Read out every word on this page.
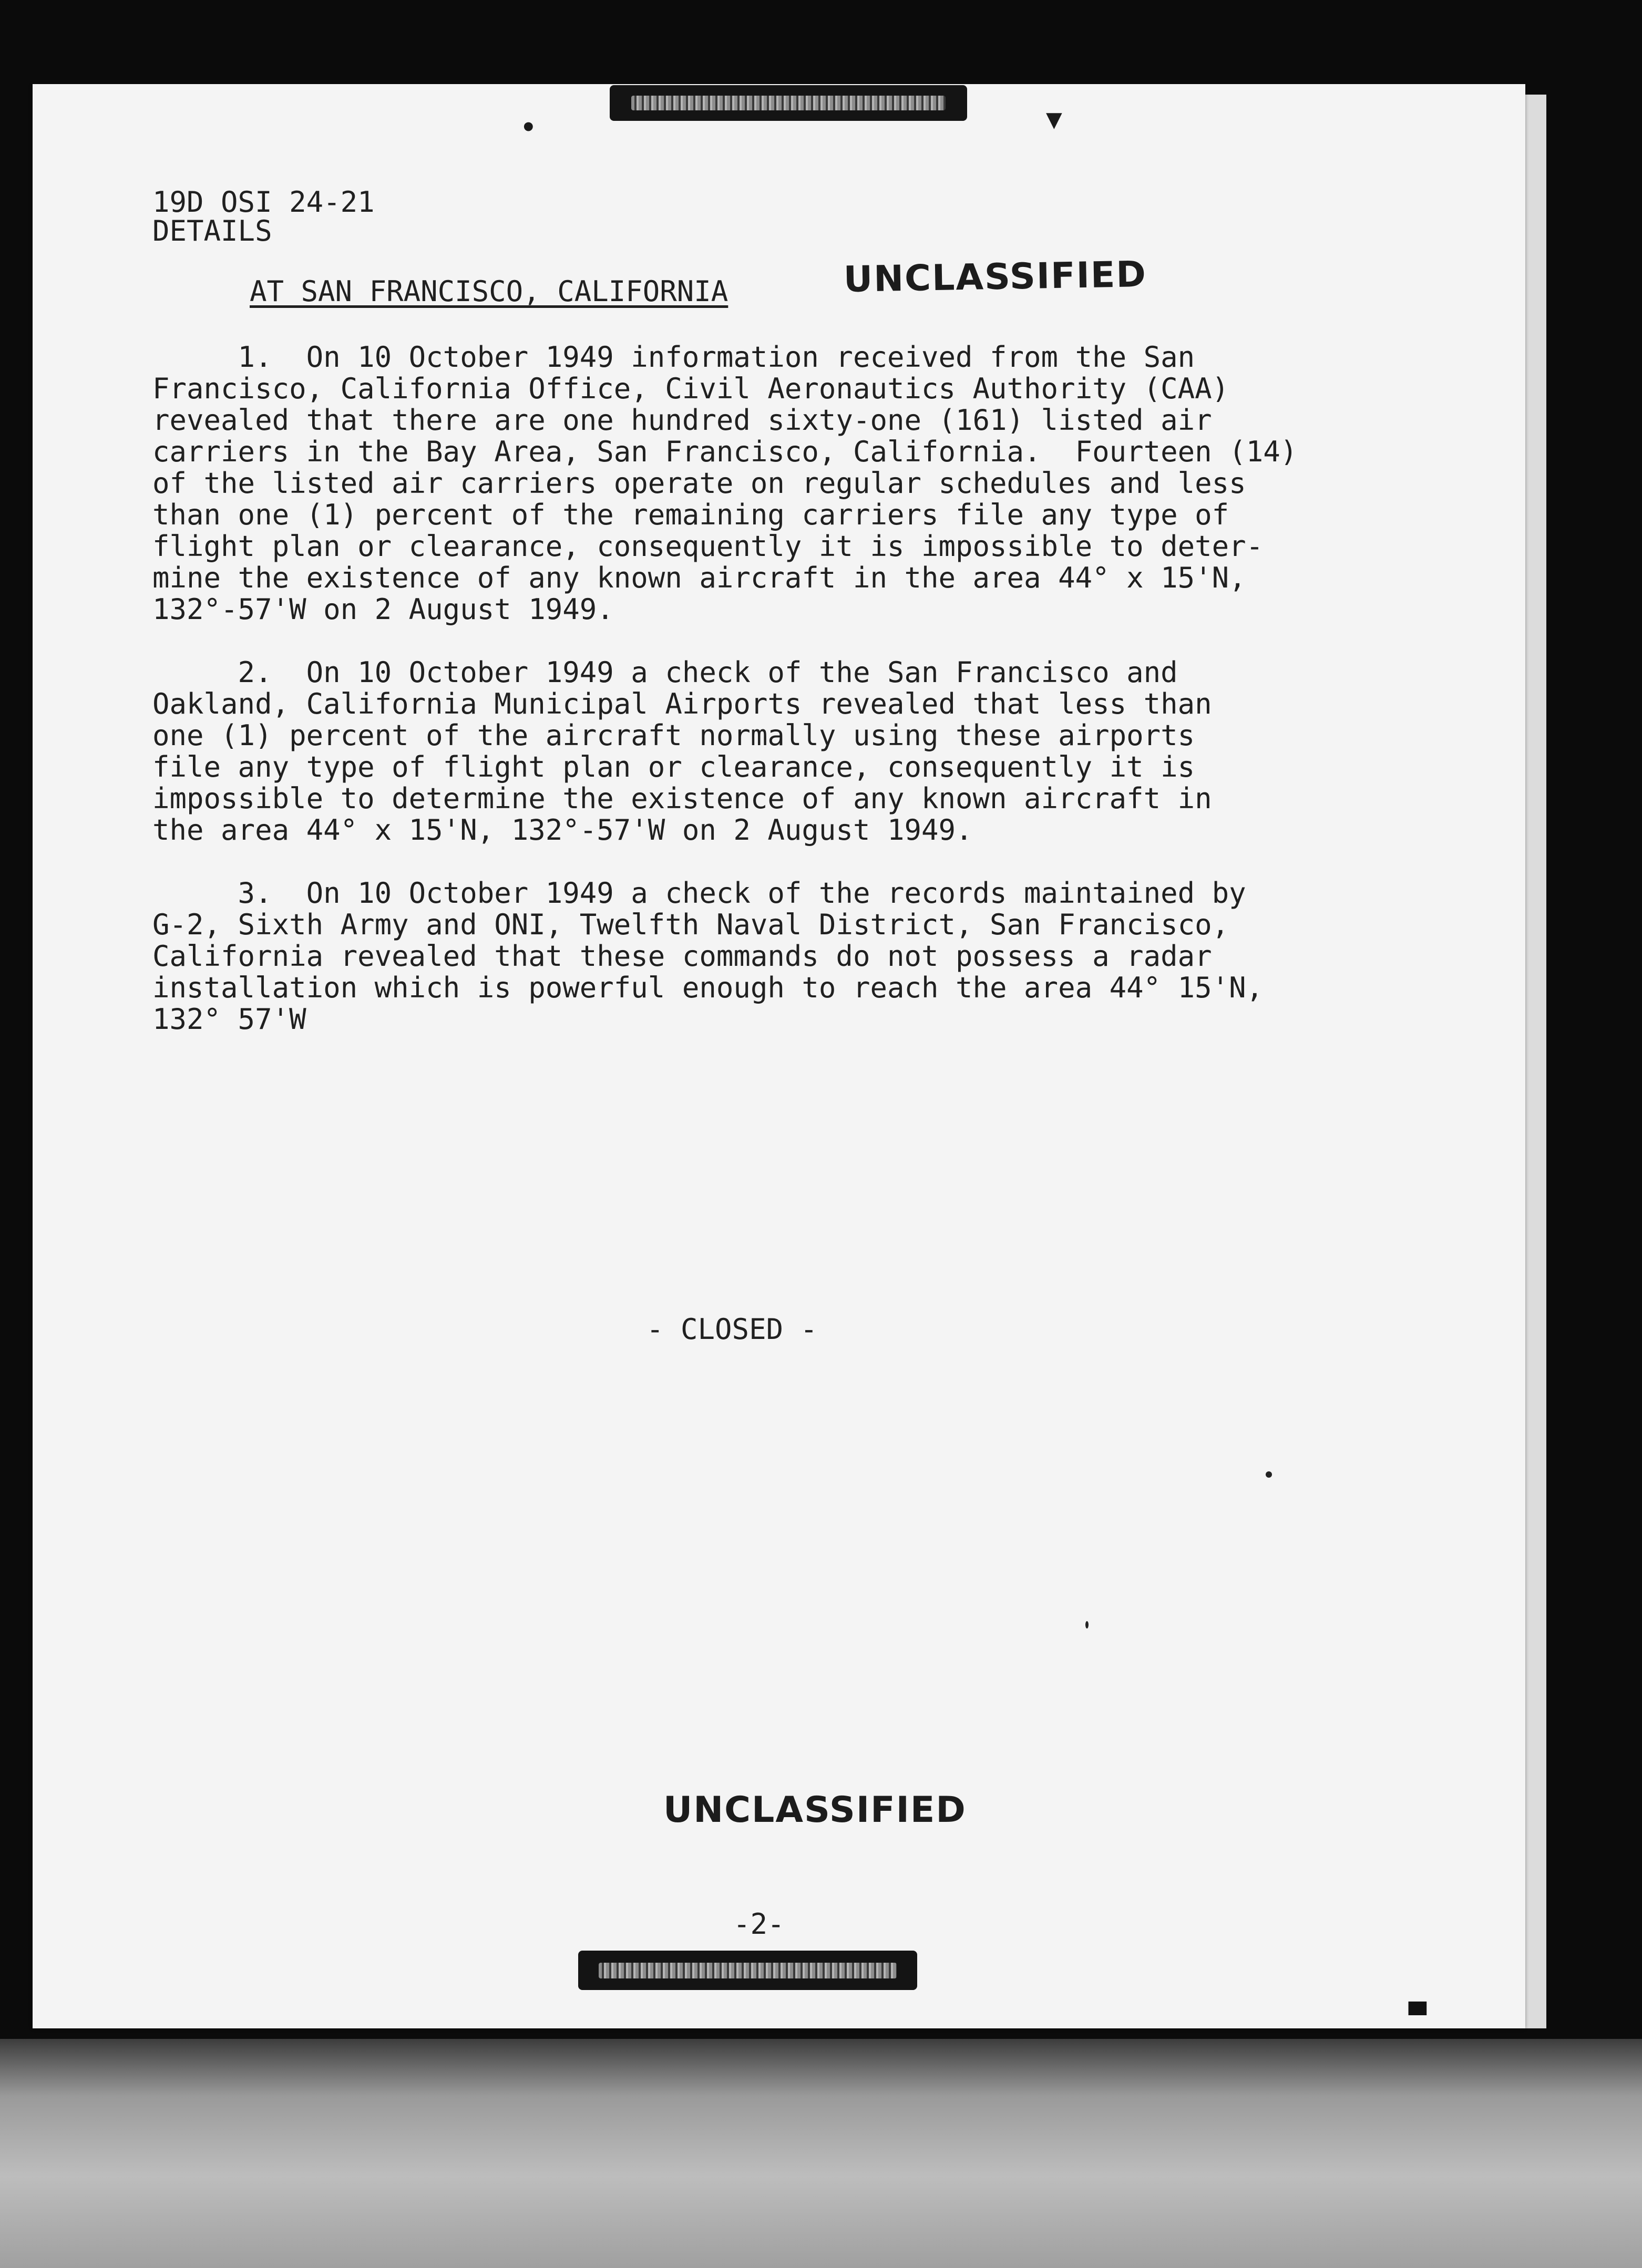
•	▼
19D OSI 24-21
DETAILS
AT SAN FRANCISCO, CALIFORNIA	UNCLASSIFIED
1.  On 10 October 1949 information received from the San
Francisco, California Office, Civil Aeronautics Authority (CAA)
revealed that there are one hundred sixty-one (161) listed air
carriers in the Bay Area, San Francisco, California.  Fourteen (14)
of the listed air carriers operate on regular schedules and less
than one (1) percent of the remaining carriers file any type of
flight plan or clearance, consequently it is impossible to deter-
mine the existence of any known aircraft in the area 44° x 15'N,
132°-57'W on 2 August 1949.
2.  On 10 October 1949 a check of the San Francisco and
Oakland, California Municipal Airports revealed that less than
one (1) percent of the aircraft normally using these airports
file any type of flight plan or clearance, consequently it is
impossible to determine the existence of any known aircraft in
the area 44° x 15'N, 132°-57'W on 2 August 1949.
3.  On 10 October 1949 a check of the records maintained by
G-2, Sixth Army and ONI, Twelfth Naval District, San Francisco,
California revealed that these commands do not possess a radar
installation which is powerful enough to reach the area 44° 15'N,
132° 57'W
- CLOSED -
UNCLASSIFIED
-2-
▀
